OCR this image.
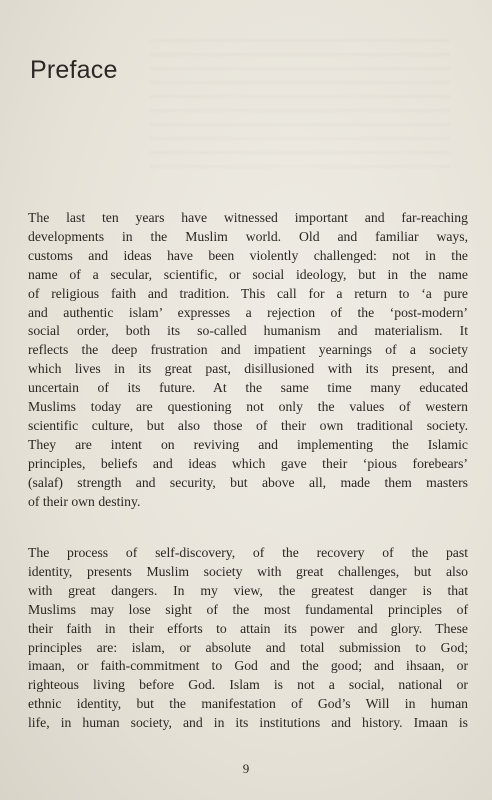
Preface
The last ten years have witnessed important and far-reaching
developments in the Muslim world. Old and familiar ways,
customs and ideas have been violently challenged: not in the
name of a secular, scientific, or social ideology, but in the name
of religious faith and tradition. This call for a return to ‘a pure
and authentic islam’ expresses a rejection of the ‘post-modern’
social order, both its so-called humanism and materialism. It
reflects the deep frustration and impatient yearnings of a society
which lives in its great past, disillusioned with its present, and
uncertain of its future. At the same time many educated
Muslims today are questioning not only the values of western
scientific culture, but also those of their own traditional society.
They are intent on reviving and implementing the Islamic
principles, beliefs and ideas which gave their ‘pious forebears’
(salaf) strength and security, but above all, made them masters
of their own destiny.
The process of self-discovery, of the recovery of the past
identity, presents Muslim society with great challenges, but also
with great dangers. In my view, the greatest danger is that
Muslims may lose sight of the most fundamental principles of
their faith in their efforts to attain its power and glory. These
principles are: islam, or absolute and total submission to God;
imaan, or faith-commitment to God and the good; and ihsaan, or
righteous living before God. Islam is not a social, national or
ethnic identity, but the manifestation of God’s Will in human
life, in human society, and in its institutions and history. Imaan is
9
